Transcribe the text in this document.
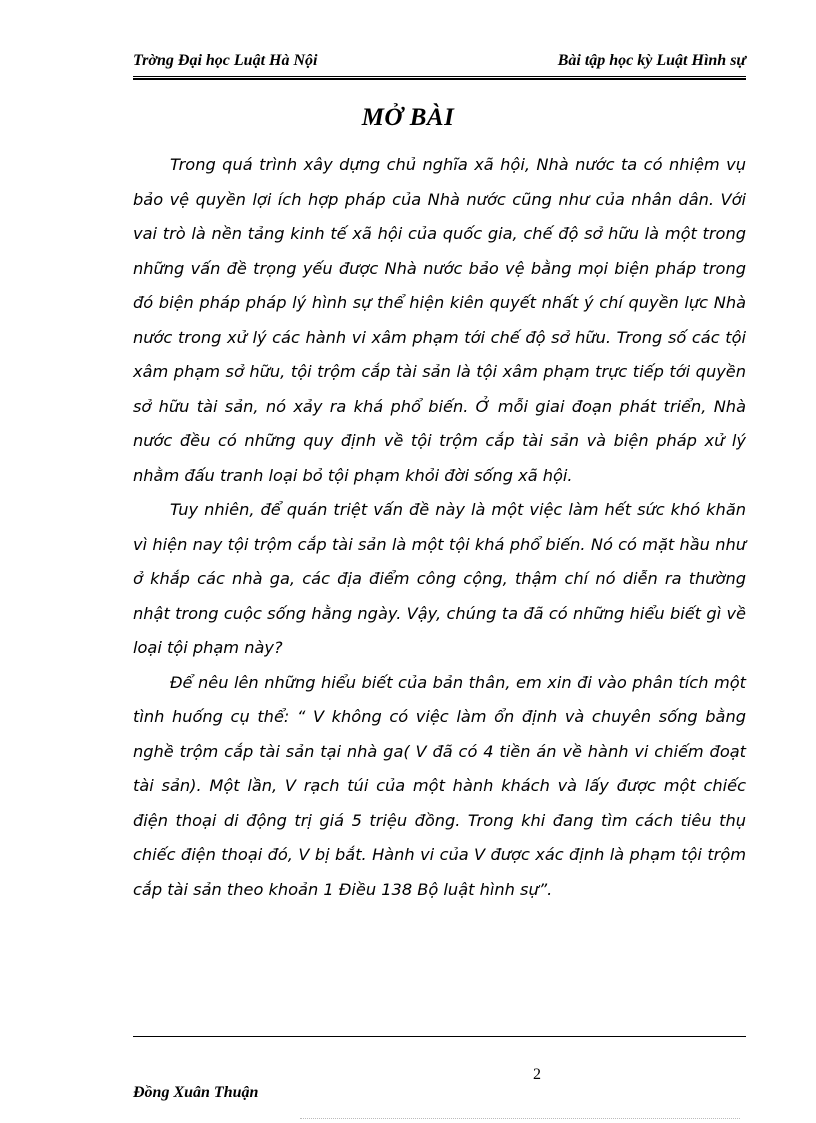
Trờng Đại học Luật Hà Nội	Bài tập học kỳ Luật Hình sự
MỞ BÀI

Trong quá trình xây dựng chủ nghĩa xã hội, Nhà nước ta có nhiệm vụ bảo vệ quyền lợi ích hợp pháp của Nhà nước cũng như của nhân dân. Với vai trò là nền tảng kinh tế xã hội của quốc gia, chế độ sở hữu là một trong những vấn đề trọng yếu được Nhà nước bảo vệ bằng mọi biện pháp trong đó biện pháp pháp lý hình sự thể hiện kiên quyết nhất ý chí quyền lực Nhà nước trong xử lý các hành vi xâm phạm tới chế độ sở hữu. Trong số các tội xâm phạm sở hữu, tội trộm cắp tài sản là tội xâm phạm trực tiếp tới quyền sở hữu tài sản, nó xảy ra khá phổ biến. Ở mỗi giai đoạn phát triển, Nhà nước đều có những quy định về tội trộm cắp tài sản và biện pháp xử lý nhằm đấu tranh loại bỏ tội phạm khỏi đời sống xã hội.

Tuy nhiên, để quán triệt vấn đề này là một việc làm hết sức khó khăn vì hiện nay tội trộm cắp tài sản là một tội khá phổ biến. Nó có mặt hầu như ở khắp các nhà ga, các địa điểm công cộng, thậm chí nó diễn ra thường nhật trong cuộc sống hằng ngày. Vậy, chúng ta đã có những hiểu biết gì về loại tội phạm này?

Để nêu lên những hiểu biết của bản thân, em xin đi vào phân tích một tình huống cụ thể: “ V không có việc làm ổn định và chuyên sống bằng nghề trộm cắp tài sản tại nhà ga( V đã có 4 tiền án về hành vi chiếm đoạt tài sản). Một lần, V rạch túi của một hành khách và lấy được một chiếc điện thoại di động trị giá 5 triệu đồng. Trong khi đang tìm cách tiêu thụ chiếc điện thoại đó, V bị bắt. Hành vi của V được xác định là phạm tội trộm cắp tài sản theo khoản 1 Điều 138 Bộ luật hình sự”.

2
Đồng Xuân Thuận
